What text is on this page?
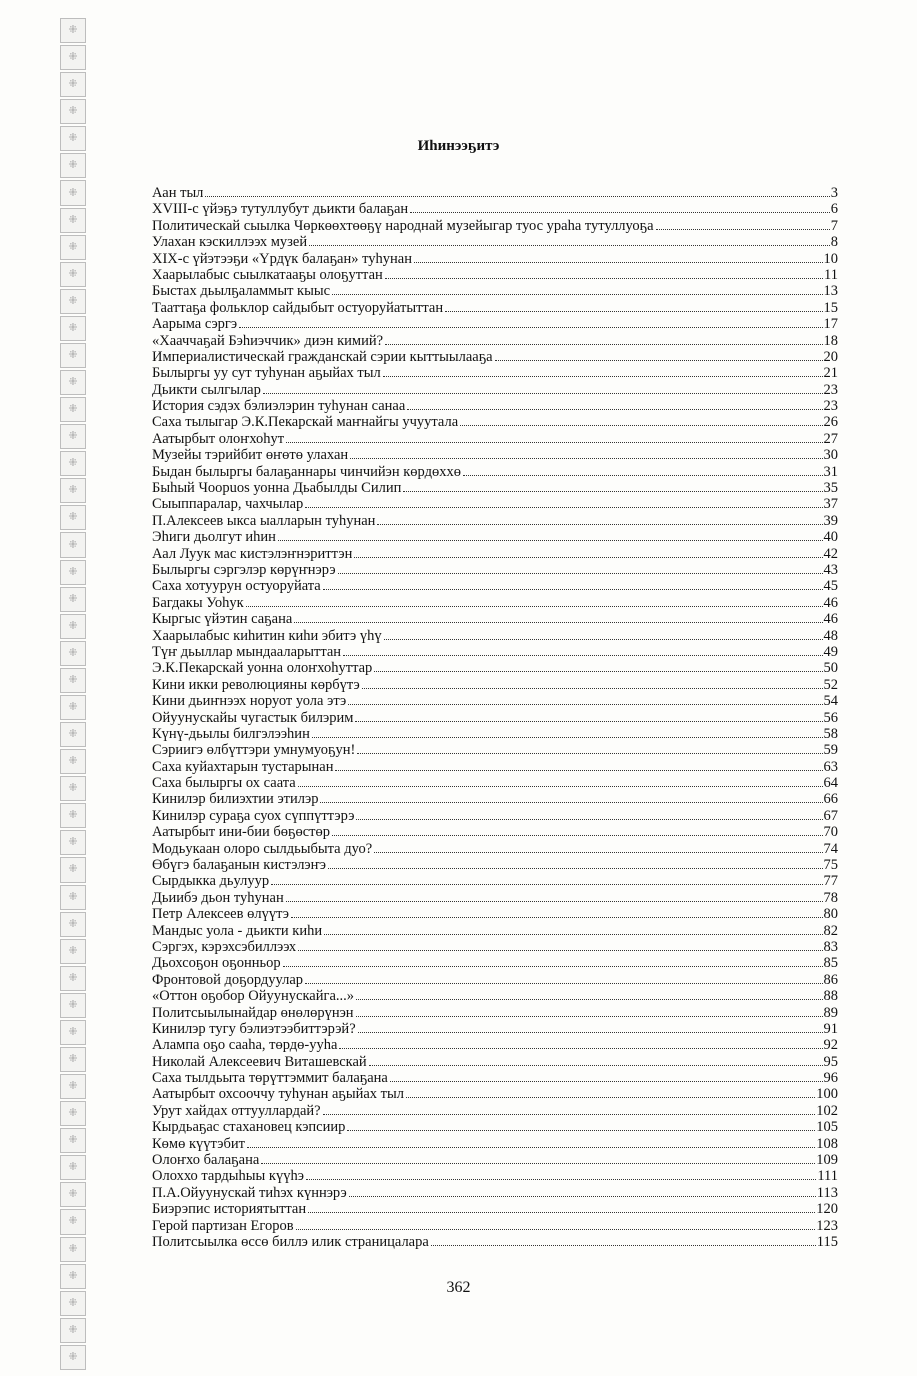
⁜
⁜
⁜
⁜
⁜
⁜
⁜
⁜
⁜
⁜
⁜
⁜
⁜
⁜
⁜
⁜
⁜
⁜
⁜
⁜
⁜
⁜
⁜
⁜
⁜
⁜
⁜
⁜
⁜
⁜
⁜
⁜
⁜
⁜
⁜
⁜
⁜
⁜
⁜
⁜
⁜
⁜
⁜
⁜
⁜
⁜
⁜
⁜
⁜
⁜
Иһинээҕитэ
Аан тыл	3
XVIII-с үйэҕэ тутуллубут дьикти балаҕан	6
Политическай сыылка Чөркөөхтөөҕү народнай музейыгар туос ураһа тутуллуоҕа	7
Улахан кэскиллээх музей	8
XIX-с үйэтээҕи «Үрдүк балаҕан» туһунан	10
Хаарылабыс сыылкатааҕы олоҕуттан	11
Быстах дьылҕаламмыт кыыс	13
Тааттаҕа фольклор сайдыбыт остуоруйатыттан	15
Аарыма сэргэ	17
«Хааччаҕай Бэһиэччик» диэн кимий?	18
Империалистическай гражданскай сэрии кыттыылааҕа	20
Былыргы уу сут туһунан аҕыйах тыл	21
Дьикти сылгылар	23
История сэдэх бэлиэлэрин туһунан санаа	23
Саха тылыгар Э.К.Пекарскай маҥнайгы учуутала	26
Аатырбыт олоҥхоһут	27
Музейы тэрийбит өҥөтө улахан	30
Быдан былыргы балаҕаннары чинчийэн көрдөххө	31
Быһый Чоорuos уонна Дьабылды Силип	35
Сыыппаралар, чахчылар	37
П.Алексеев ыкса ыалларын туһунан	39
Эһиги дьолгут иһин	40
Аал Луук мас кистэлэҥнэриттэн	42
Былыргы сэргэлэр көрүҥнэрэ	43
Саха хотуурун остуоруйата	45
Багдакы Уоһук	46
Кыргыс үйэтин саҕана	46
Хаарылабыс киһитин киһи эбитэ үһү	48
Түҥ дьыллар мындааларыттан	49
Э.К.Пекарскай уонна олоҥхоһуттар	50
Кини икки революцияны көрбүтэ	52
Кини дьиҥнээх норуот уола этэ	54
Ойуунускайы чугастык билэрим	56
Күнү-дьылы билгэлээһин	58
Сэриигэ өлбүттэри умнумуоҕун!	59
Саха куйахтарын тустарынан	63
Саха былыргы ох саата	64
Кинилэр билиэхтии этилэр	66
Кинилэр сураҕа суох сүппүттэрэ	67
Аатырбыт ини-бии бөҕөстөр	70
Модьукаан олоро сылдьыбыта дуо?	74
Өбүгэ балаҕанын кистэлэҥэ	75
Сырдыкка дьулуур	77
Дьиибэ дьон туһунан	78
Петр Алексеев өлүүтэ	80
Мандыс уола - дьикти киһи	82
Сэргэх, кэрэхсэбиллээх	83
Дьохсоҕон оҕонньор	85
Фронтовой доҕордуулар	86
«Оттон оҕобор Ойуунускайга...»	88
Политсыылынайдар өнөлөрүнэн	89
Кинилэр тугу бэлиэтээбиттэрэй?	91
Алампа оҕо сааһа, төрдө-ууһа	92
Николай Алексеевич Виташевскай	95
Саха тылдьыта төрүттэммит балаҕана	96
Аатырбыт охсооччу туһунан аҕыйах тыл	100
Урут хайдах оттууллардай?	102
Кырдьаҕас стахановец кэпсиир	105
Көмө күүтэбит	108
Олоҥхо балаҕана	109
Олоххо тардыһыы күүһэ	111
П.А.Ойуунускай тиһэх күннэрэ	113
Биэрэпис историятыттан	120
Герой партизан Егоров	123
Политсыылка өссө биллэ илик страницалара	115
362
